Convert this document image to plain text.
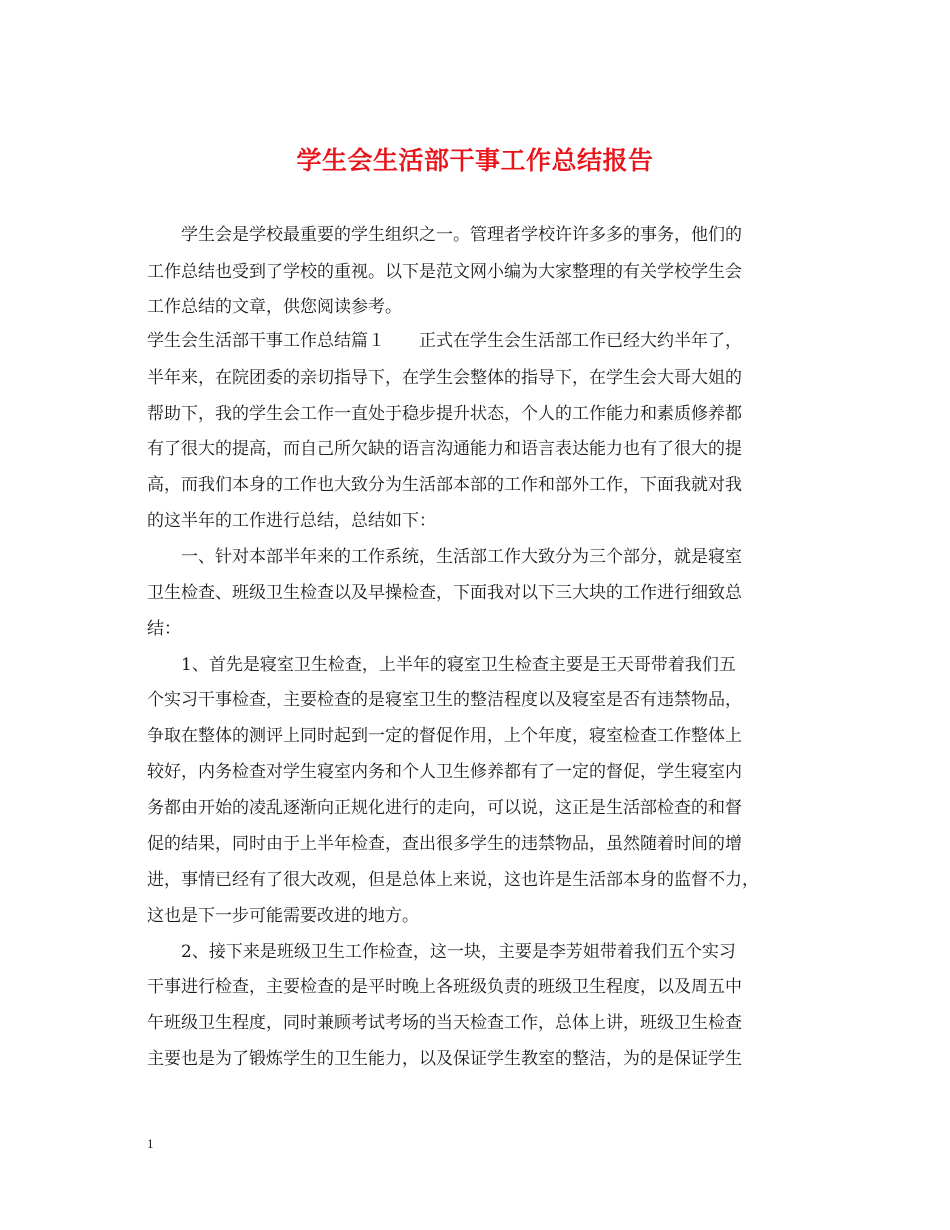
学生会生活部干事工作总结报告
学生会是学校最重要的学生组织之一。管理者学校许许多多的事务，他们的
工作总结也受到了学校的重视。以下是范文网小编为大家整理的有关学校学生会
工作总结的文章，供您阅读参考。
学生会生活部干事工作总结篇１　　正式在学生会生活部工作已经大约半年了，
半年来，在院团委的亲切指导下，在学生会整体的指导下，在学生会大哥大姐的
帮助下，我的学生会工作一直处于稳步提升状态，个人的工作能力和素质修养都
有了很大的提高，而自己所欠缺的语言沟通能力和语言表达能力也有了很大的提
高，而我们本身的工作也大致分为生活部本部的工作和部外工作，下面我就对我
的这半年的工作进行总结，总结如下：
一、针对本部半年来的工作系统，生活部工作大致分为三个部分，就是寝室
卫生检查、班级卫生检查以及早操检查，下面我对以下三大块的工作进行细致总
结：
1、首先是寝室卫生检查，上半年的寝室卫生检查主要是王天哥带着我们五
个实习干事检查，主要检查的是寝室卫生的整洁程度以及寝室是否有违禁物品，
争取在整体的测评上同时起到一定的督促作用，上个年度，寝室检查工作整体上
较好，内务检查对学生寝室内务和个人卫生修养都有了一定的督促，学生寝室内
务都由开始的凌乱逐渐向正规化进行的走向，可以说，这正是生活部检查的和督
促的结果，同时由于上半年检查，查出很多学生的违禁物品，虽然随着时间的增
进，事情已经有了很大改观，但是总体上来说，这也许是生活部本身的监督不力，
这也是下一步可能需要改进的地方。
2、接下来是班级卫生工作检查，这一块，主要是李芳姐带着我们五个实习
干事进行检查，主要检查的是平时晚上各班级负责的班级卫生程度，以及周五中
午班级卫生程度，同时兼顾考试考场的当天检查工作，总体上讲，班级卫生检查
主要也是为了锻炼学生的卫生能力，以及保证学生教室的整洁，为的是保证学生
1
